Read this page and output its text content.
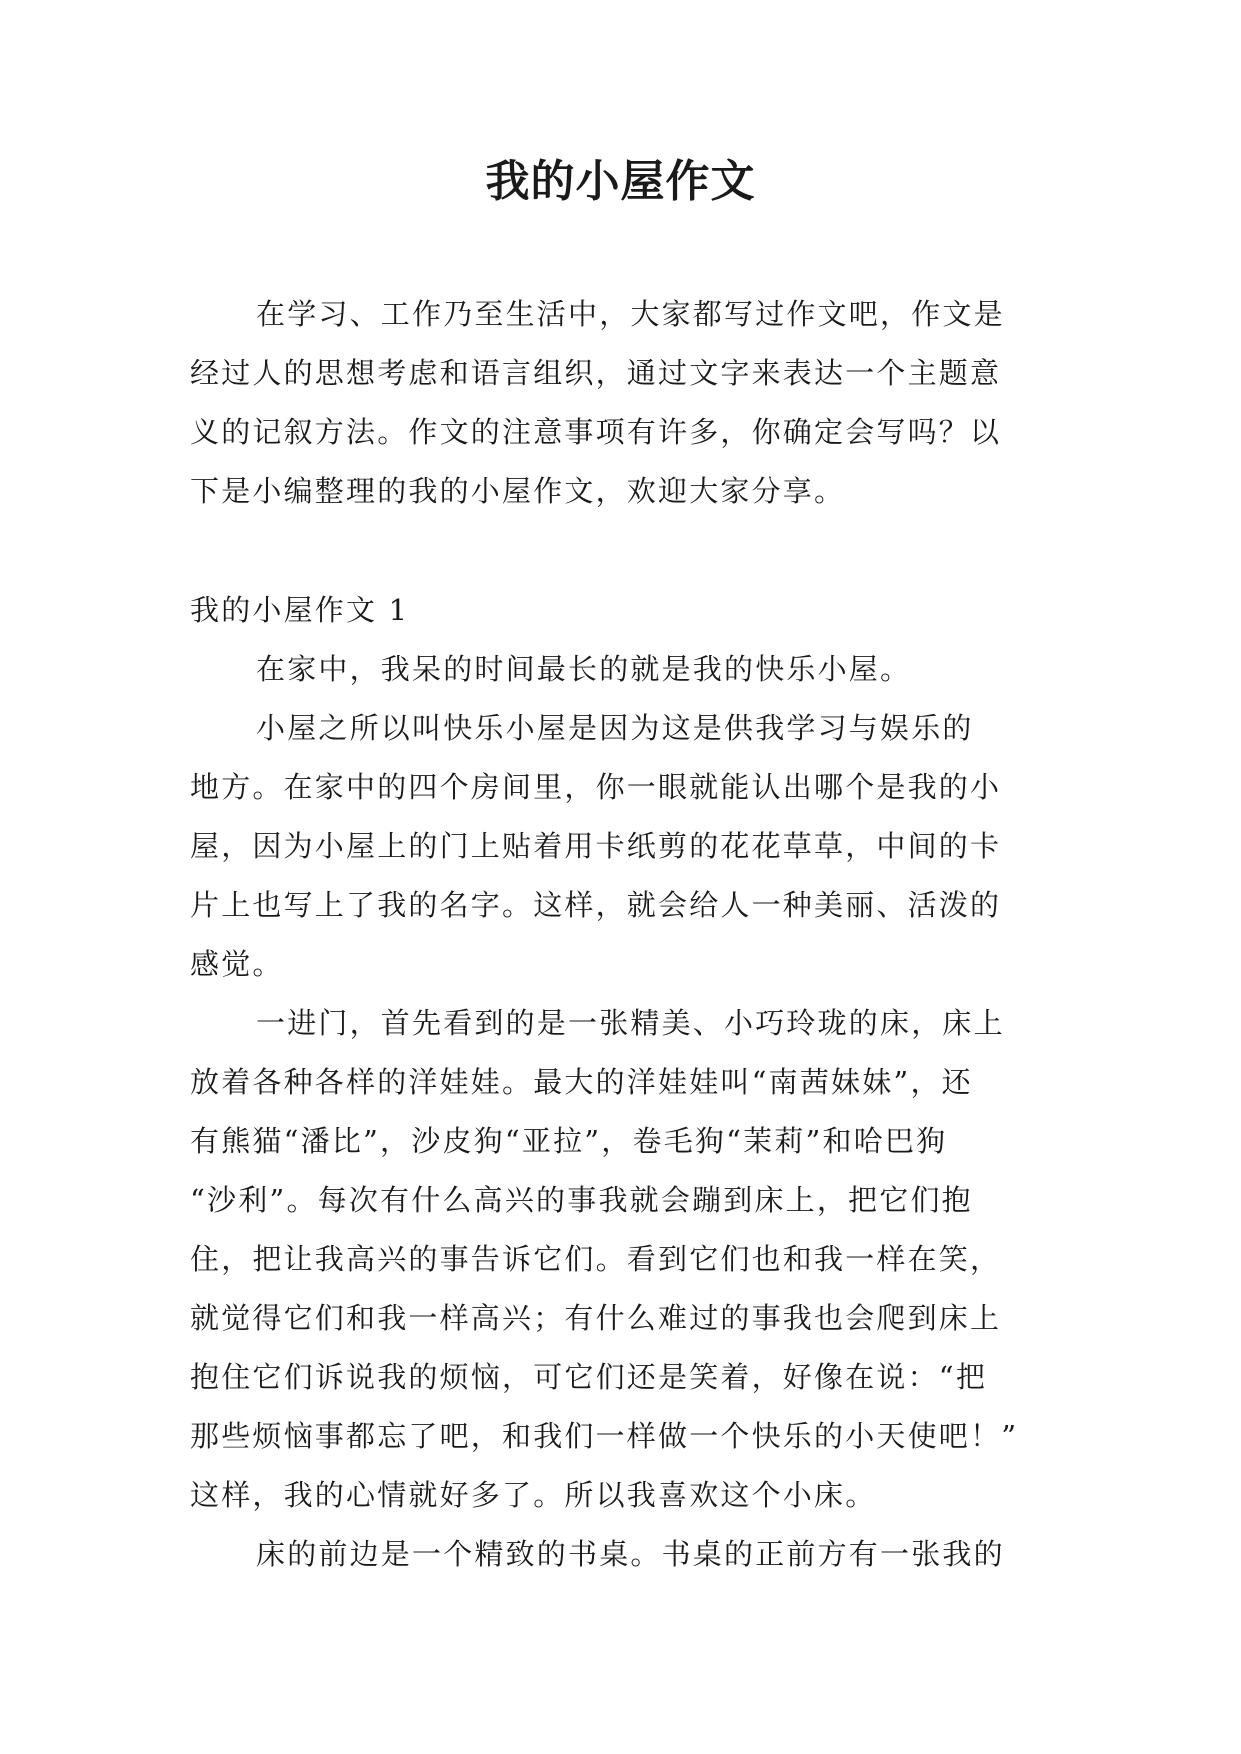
我的小屋作文
在学习、工作乃至生活中，大家都写过作文吧，作文是
经过人的思想考虑和语言组织，通过文字来表达一个主题意
义的记叙方法。作文的注意事项有许多，你确定会写吗？以
下是小编整理的我的小屋作文，欢迎大家分享。
我的小屋作文 1
在家中，我呆的时间最长的就是我的快乐小屋。
小屋之所以叫快乐小屋是因为这是供我学习与娱乐的
地方。在家中的四个房间里，你一眼就能认出哪个是我的小
屋，因为小屋上的门上贴着用卡纸剪的花花草草，中间的卡
片上也写上了我的名字。这样，就会给人一种美丽、活泼的
感觉。
一进门，首先看到的是一张精美、小巧玲珑的床，床上
放着各种各样的洋娃娃。最大的洋娃娃叫“南茜妹妹”，还
有熊猫“潘比”，沙皮狗“亚拉”，卷毛狗“茉莉”和哈巴狗
“沙利”。每次有什么高兴的事我就会蹦到床上，把它们抱
住，把让我高兴的事告诉它们。看到它们也和我一样在笑，
就觉得它们和我一样高兴；有什么难过的事我也会爬到床上
抱住它们诉说我的烦恼，可它们还是笑着，好像在说：“把
那些烦恼事都忘了吧，和我们一样做一个快乐的小天使吧！”
这样，我的心情就好多了。所以我喜欢这个小床。
床的前边是一个精致的书桌。书桌的正前方有一张我的
